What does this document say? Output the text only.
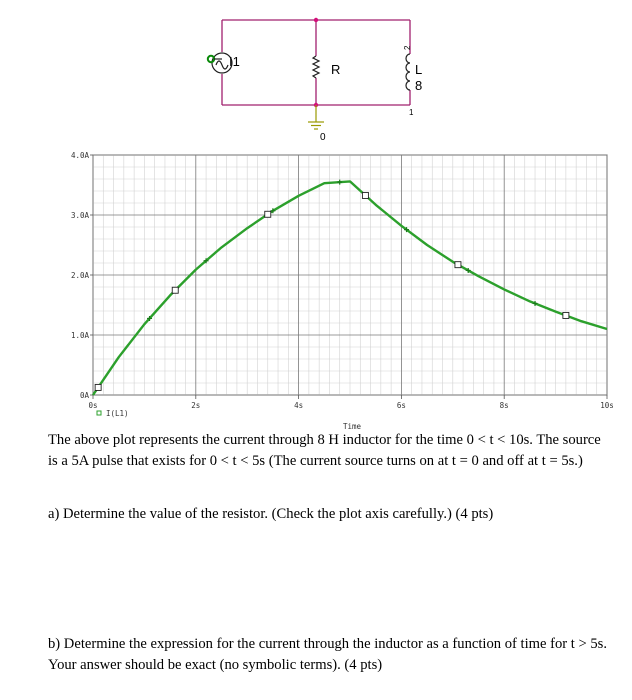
I1
R	L
8
2
1
0
0s	2s	4s	6s	8s	10s
0A
1.0A
2.0A
3.0A
4.0A
I(L1)
Time

The above plot represents the current through 8 H inductor for the time 0 < t < 10s. The source is a 5A pulse that exists for 0 < t < 5s (The current source turns on at t = 0 and off at t = 5s.)

a) Determine the value of the resistor. (Check the plot axis carefully.) (4 pts)

b) Determine the expression for the current through the inductor as a function of time for t > 5s. Your answer should be exact (no symbolic terms). (4 pts)
